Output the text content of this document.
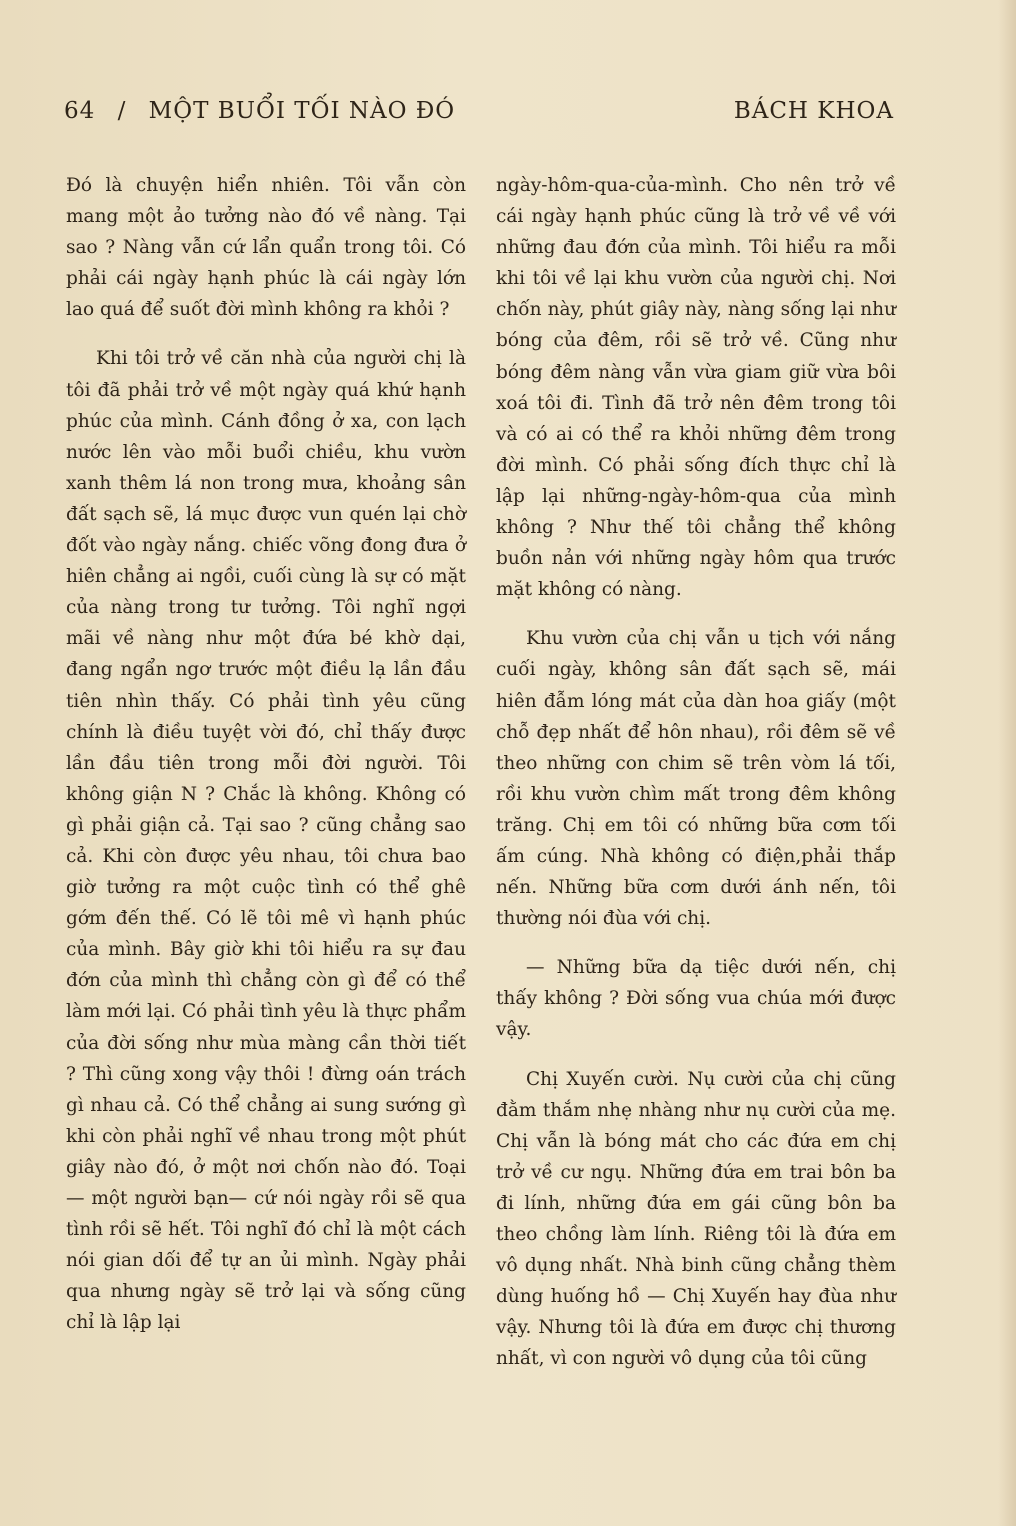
64 / MỘT BUỔI TỐI NÀO ĐÓ	BÁCH KHOA

Đó là chuyện hiển nhiên. Tôi vẫn còn mang một ảo tưởng nào đó về nàng. Tại sao ? Nàng vẫn cứ lẩn quẩn trong tôi. Có phải cái ngày hạnh phúc là cái ngày lớn lao quá để suốt đời mình không ra khỏi ?

Khi tôi trở về căn nhà của người chị là tôi đã phải trở về một ngày quá khứ hạnh phúc của mình. Cánh đồng ở xa, con lạch nước lên vào mỗi buổi chiều, khu vườn xanh thêm lá non trong mưa, khoảng sân đất sạch sẽ, lá mục được vun quén lại chờ đốt vào ngày nắng. chiếc võng đong đưa ở hiên chẳng ai ngồi, cuối cùng là sự có mặt của nàng trong tư tưởng. Tôi nghĩ ngợi mãi về nàng như một đứa bé khờ dại, đang ngẩn ngơ trước một điều lạ lần đầu tiên nhìn thấy. Có phải tình yêu cũng chính là điều tuyệt vời đó, chỉ thấy được lần đầu tiên trong mỗi đời người. Tôi không giận N ? Chắc là không. Không có gì phải giận cả. Tại sao ? cũng chẳng sao cả. Khi còn được yêu nhau, tôi chưa bao giờ tưởng ra một cuộc tình có thể ghê gớm đến thế. Có lẽ tôi mê vì hạnh phúc của mình. Bây giờ khi tôi hiểu ra sự đau đớn của mình thì chẳng còn gì để có thể làm mới lại. Có phải tình yêu là thực phẩm của đời sống như mùa màng cần thời tiết ? Thì cũng xong vậy thôi ! đừng oán trách gì nhau cả. Có thể chẳng ai sung sướng gì khi còn phải nghĩ về nhau trong một phút giây nào đó, ở một nơi chốn nào đó. Toại — một người bạn— cứ nói ngày rồi sẽ qua tình rồi sẽ hết. Tôi nghĩ đó chỉ là một cách nói gian dối để tự an ủi mình. Ngày phải qua nhưng ngày sẽ trở lại và sống cũng chỉ là lập lại

ngày-hôm-qua-của-mình. Cho nên trở về cái ngày hạnh phúc cũng là trở về về với những đau đớn của mình. Tôi hiểu ra mỗi khi tôi về lại khu vườn của người chị. Nơi chốn này, phút giây này, nàng sống lại như bóng của đêm, rồi sẽ trở về. Cũng như bóng đêm nàng vẫn vừa giam giữ vừa bôi xoá tôi đi. Tình đã trở nên đêm trong tôi và có ai có thể ra khỏi những đêm trong đời mình. Có phải sống đích thực chỉ là lập lại những-ngày-hôm-qua của mình không ? Như thế tôi chẳng thể không buồn nản với những ngày hôm qua trước mặt không có nàng.

Khu vườn của chị vẫn u tịch với nắng cuối ngày, không sân đất sạch sẽ, mái hiên đẫm lóng mát của dàn hoa giấy (một chỗ đẹp nhất để hôn nhau), rồi đêm sẽ về theo những con chim sẽ trên vòm lá tối, rồi khu vườn chìm mất trong đêm không trăng. Chị em tôi có những bữa cơm tối ấm cúng. Nhà không có điện,phải thắp nến. Những bữa cơm dưới ánh nến, tôi thường nói đùa với chị.

— Những bữa dạ tiệc dưới nến, chị thấy không ? Đời sống vua chúa mới được vậy.

Chị Xuyến cười. Nụ cười của chị cũng đằm thắm nhẹ nhàng như nụ cười của mẹ. Chị vẫn là bóng mát cho các đứa em chị trở về cư ngụ. Những đứa em trai bôn ba đi lính, những đứa em gái cũng bôn ba theo chồng làm lính. Riêng tôi là đứa em vô dụng nhất. Nhà binh cũng chẳng thèm dùng huống hồ — Chị Xuyến hay đùa như vậy. Nhưng tôi là đứa em được chị thương nhất, vì con người vô dụng của tôi cũng
